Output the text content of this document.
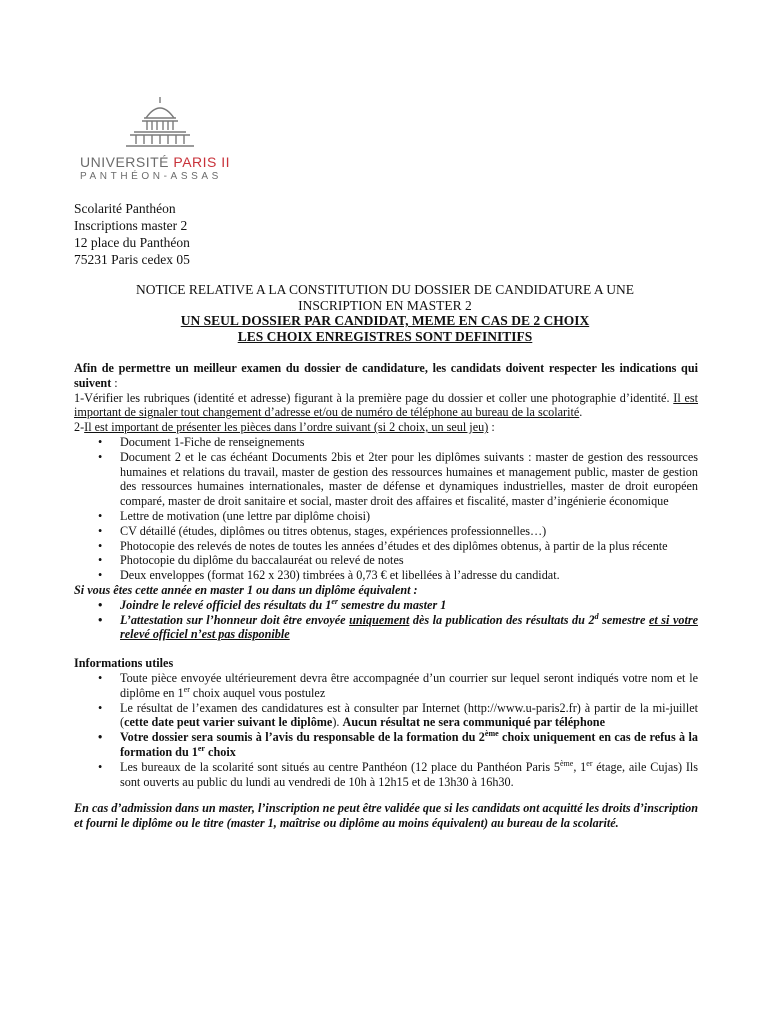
UNIVERSITÉ PARIS II
PANTHÉON-ASSAS
Scolarité Panthéon
Inscriptions master 2
12 place du Panthéon
75231 Paris cedex 05
NOTICE RELATIVE A LA CONSTITUTION DU DOSSIER DE CANDIDATURE A UNE
INSCRIPTION EN MASTER 2
UN SEUL DOSSIER PAR CANDIDAT, MEME EN CAS DE 2 CHOIX
LES CHOIX ENREGISTRES SONT DEFINITIFS

Afin de permettre un meilleur examen du dossier de candidature, les candidats doivent respecter les indications qui suivent :

1-Vérifier les rubriques (identité et adresse) figurant à la première page du dossier et coller une photographie d’identité. Il est important de signaler tout changement d’adresse et/ou de numéro de téléphone au bureau de la scolarité.

2-Il est important de présenter les pièces dans l’ordre suivant (si 2 choix, un seul jeu) :

• Document 1-Fiche de renseignements
• Document 2 et le cas échéant Documents 2bis et 2ter pour les diplômes suivants : master de gestion des ressources humaines et relations du travail, master de gestion des ressources humaines et management public, master de gestion des ressources humaines internationales, master de défense et dynamiques industrielles, master de droit européen comparé, master de droit sanitaire et social, master droit des affaires et fiscalité, master d’ingénierie économique
• Lettre de motivation (une lettre par diplôme choisi)
• CV détaillé (études, diplômes ou titres obtenus, stages, expériences professionnelles…)
• Photocopie des relevés de notes de toutes les années d’études et des diplômes obtenus, à partir de la plus récente
• Photocopie du diplôme du baccalauréat ou relevé de notes
• Deux enveloppes (format 162 x 230) timbrées à 0,73 € et libellées à l’adresse du candidat.

Si vous êtes cette année en master 1 ou dans un diplôme équivalent :

• Joindre le relevé officiel des résultats du 1er semestre du master 1
• L’attestation sur l’honneur doit être envoyée uniquement dès la publication des résultats du 2$^d$ semestre et si votre relevé officiel n’est pas disponible

Informations utiles

• Toute pièce envoyée ultérieurement devra être accompagnée d’un courrier sur lequel seront indiqués votre nom et le diplôme en 1er choix auquel vous postulez
• Le résultat de l’examen des candidatures est à consulter par Internet (http://www.u-paris2.fr) à partir de la mi-juillet (cette date peut varier suivant le diplôme). Aucun résultat ne sera communiqué par téléphone
• Votre dossier sera soumis à l’avis du responsable de la formation du 2ème choix uniquement en cas de refus à la formation du 1er choix
• Les bureaux de la scolarité sont situés au centre Panthéon (12 place du Panthéon Paris 5ème, 1er étage, aile Cujas) Ils sont ouverts au public du lundi au vendredi de 10h à 12h15 et de 13h30 à 16h30.

En cas d’admission dans un master, l’inscription ne peut être validée que si les candidats ont acquitté les droits d’inscription et fourni le diplôme ou le titre (master 1, maîtrise ou diplôme au moins équivalent) au bureau de la scolarité.
